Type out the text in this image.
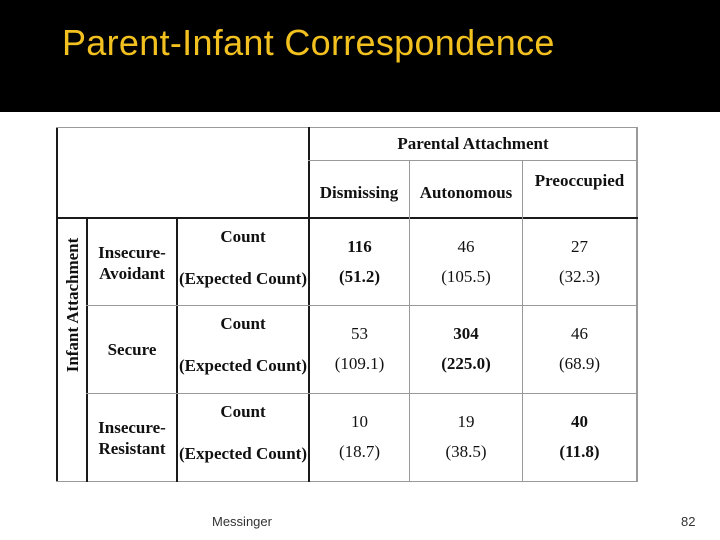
Parent-Infant Correspondence
Parental Attachment
Dismissing	Autonomous
Preoccupied
Infant Attachment Insecure-Avoidant
Count
(Expected Count)
116
(51.2)
46
(105.5)
27
(32.3)
Secure
Count
(Expected Count)
53
(109.1)
304
(225.0)
46
(68.9)
Insecure-Resistant
Count
(Expected Count)
10
(18.7)
19
(38.5)
40
(11.8)
Messinger	82
